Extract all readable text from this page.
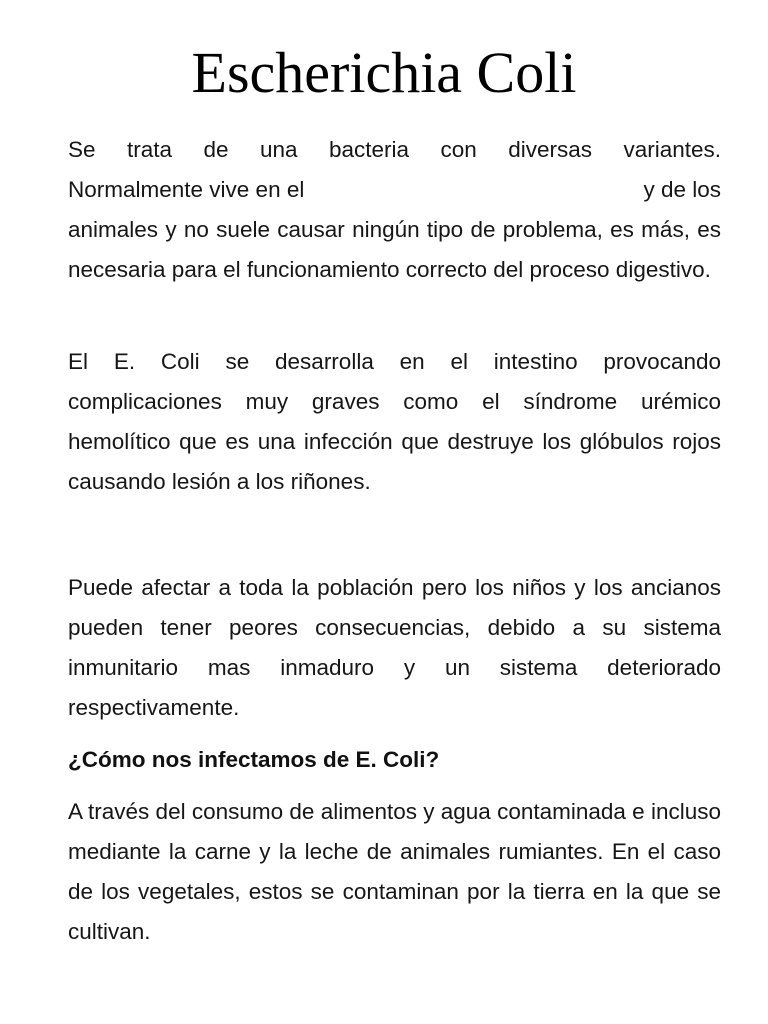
Escherichia Coli
Se trata de una bacteria con diversas variantes.
Normalmente vive en el	y de los
animales y no suele causar ningún tipo de problema, es más, es necesaria para el funcionamiento correcto del proceso digestivo.

El E. Coli se desarrolla en el intestino provocando complicaciones muy graves como el síndrome urémico hemolítico que es una infección que destruye los glóbulos rojos causando lesión a los riñones.

Puede afectar a toda la población pero los niños y los ancianos pueden tener peores consecuencias, debido a su sistema inmunitario mas inmaduro y un sistema deteriorado respectivamente.

¿Cómo nos infectamos de E. Coli?

A través del consumo de alimentos y agua contaminada e incluso mediante la carne y la leche de animales rumiantes. En el caso de los vegetales, estos se contaminan por la tierra en la que se cultivan.
